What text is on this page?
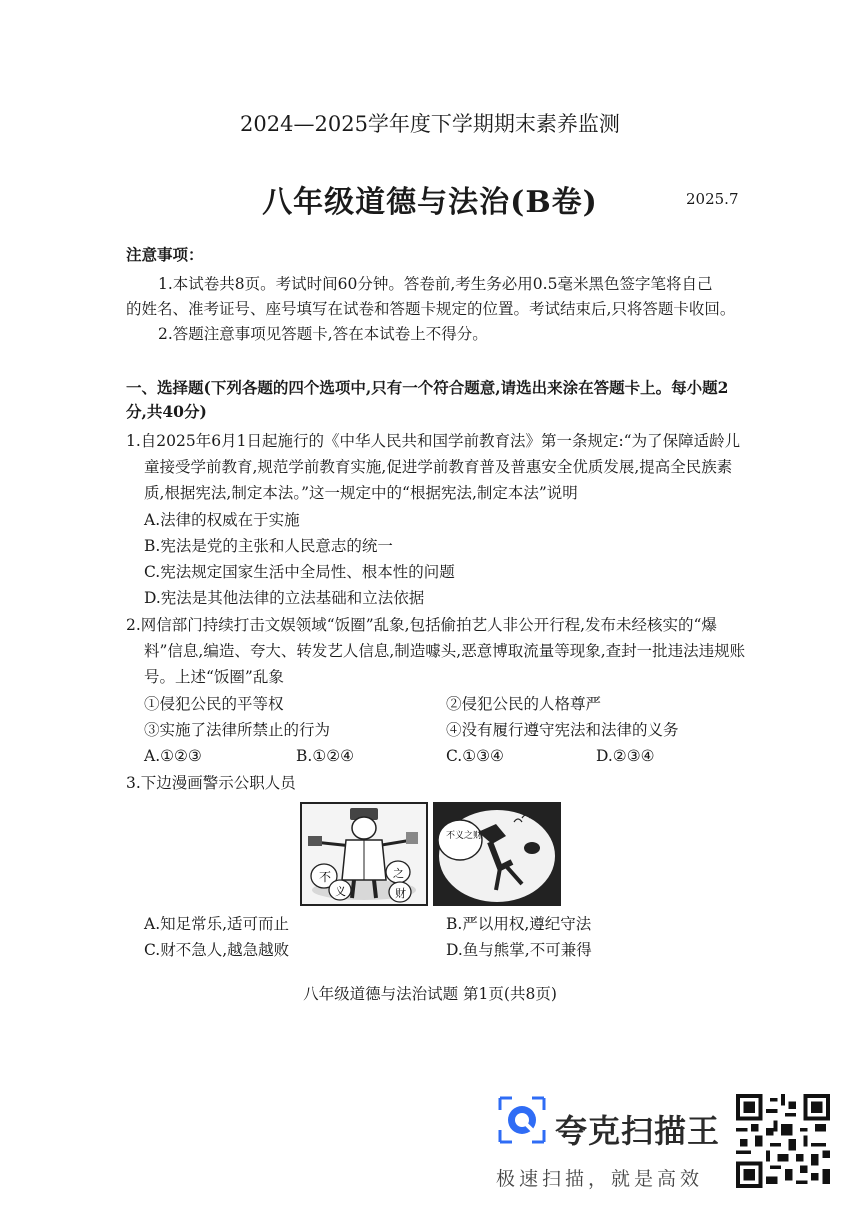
2024—2025学年度下学期期末素养监测
八年级道德与法治(B卷)	2025.7
注意事项：
1.本试卷共8页。考试时间60分钟。答卷前,考生务必用0.5毫米黑色签字笔将自己
的姓名、准考证号、座号填写在试卷和答题卡规定的位置。考试结束后,只将答题卡收回。
2.答题注意事项见答题卡,答在本试卷上不得分。
一、选择题(下列各题的四个选项中,只有一个符合题意,请选出来涂在答题卡上。每小题2
分,共40分)
1.自2025年6月1日起施行的《中华人民共和国学前教育法》第一条规定:“为了保障适龄儿
童接受学前教育,规范学前教育实施,促进学前教育普及普惠安全优质发展,提高全民族素
质,根据宪法,制定本法。”这一规定中的“根据宪法,制定本法”说明
A.法律的权威在于实施
B.宪法是党的主张和人民意志的统一
C.宪法规定国家生活中全局性、根本性的问题
D.宪法是其他法律的立法基础和立法依据
2.网信部门持续打击文娱领域“饭圈”乱象,包括偷拍艺人非公开行程,发布未经核实的“爆
料”信息,编造、夸大、转发艺人信息,制造噱头,恶意博取流量等现象,查封一批违法违规账
号。上述“饭圈”乱象
①侵犯公民的平等权	②侵犯公民的人格尊严
③实施了法律所禁止的行为	④没有履行遵守宪法和法律的义务
A.①②③	B.①②④	C.①③④	D.②③④
3.下边漫画警示公职人员
不
义
之
财
不义之财
A.知足常乐,适可而止	B.严以用权,遵纪守法
C.财不急人,越急越败	D.鱼与熊掌,不可兼得
八年级道德与法治试题 第1页(共8页)
夸克扫描王
极速扫描，就是高效
